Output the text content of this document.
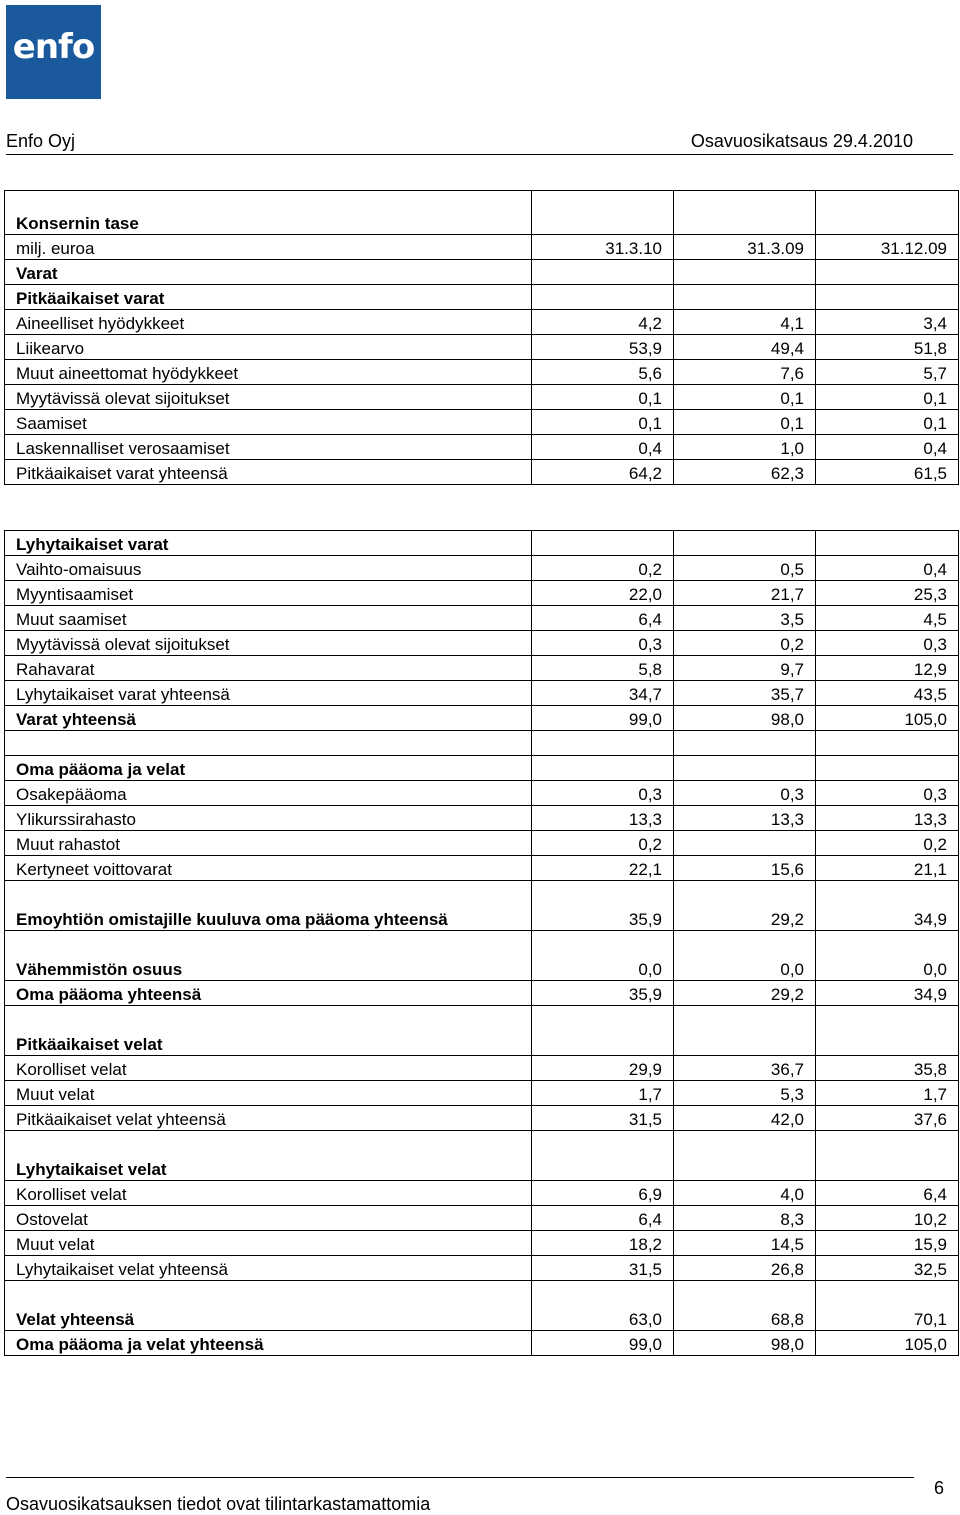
enfo
Enfo Oyj	Osavuosikatsaus 29.4.2010
Konsernin tase			
milj. euroa	31.3.10	31.3.09	31.12.09
Varat			
Pitkäaikaiset varat			
Aineelliset hyödykkeet	4,2	4,1	3,4
Liikearvo	53,9	49,4	51,8
Muut aineettomat hyödykkeet	5,6	7,6	5,7
Myytävissä olevat sijoitukset	0,1	0,1	0,1
Saamiset	0,1	0,1	0,1
Laskennalliset verosaamiset	0,4	1,0	0,4
Pitkäaikaiset varat yhteensä	64,2	62,3	61,5

Lyhytaikaiset varat			
Vaihto-omaisuus	0,2	0,5	0,4
Myyntisaamiset	22,0	21,7	25,3
Muut saamiset	6,4	3,5	4,5
Myytävissä olevat sijoitukset	0,3	0,2	0,3
Rahavarat	5,8	9,7	12,9
Lyhytaikaiset varat yhteensä	34,7	35,7	43,5
Varat yhteensä	99,0	98,0	105,0

Oma pääoma ja velat			
Osakepääoma	0,3	0,3	0,3
Ylikurssirahasto	13,3	13,3	13,3
Muut rahastot	0,2		0,2
Kertyneet voittovarat	22,1	15,6	21,1
Emoyhtiön omistajille kuuluva oma pääoma yhteensä	35,9	29,2	34,9
Vähemmistön osuus	0,0	0,0	0,0
Oma pääoma yhteensä	35,9	29,2	34,9
Pitkäaikaiset velat			
Korolliset velat	29,9	36,7	35,8
Muut velat	1,7	5,3	1,7
Pitkäaikaiset velat yhteensä	31,5	42,0	37,6
Lyhytaikaiset velat			
Korolliset velat	6,9	4,0	6,4
Ostovelat	6,4	8,3	10,2
Muut velat	18,2	14,5	15,9
Lyhytaikaiset velat yhteensä	31,5	26,8	32,5
Velat yhteensä	63,0	68,8	70,1
Oma pääoma ja velat yhteensä	99,0	98,0	105,0
Osavuosikatsauksen tiedot ovat tilintarkastamattomia
6
